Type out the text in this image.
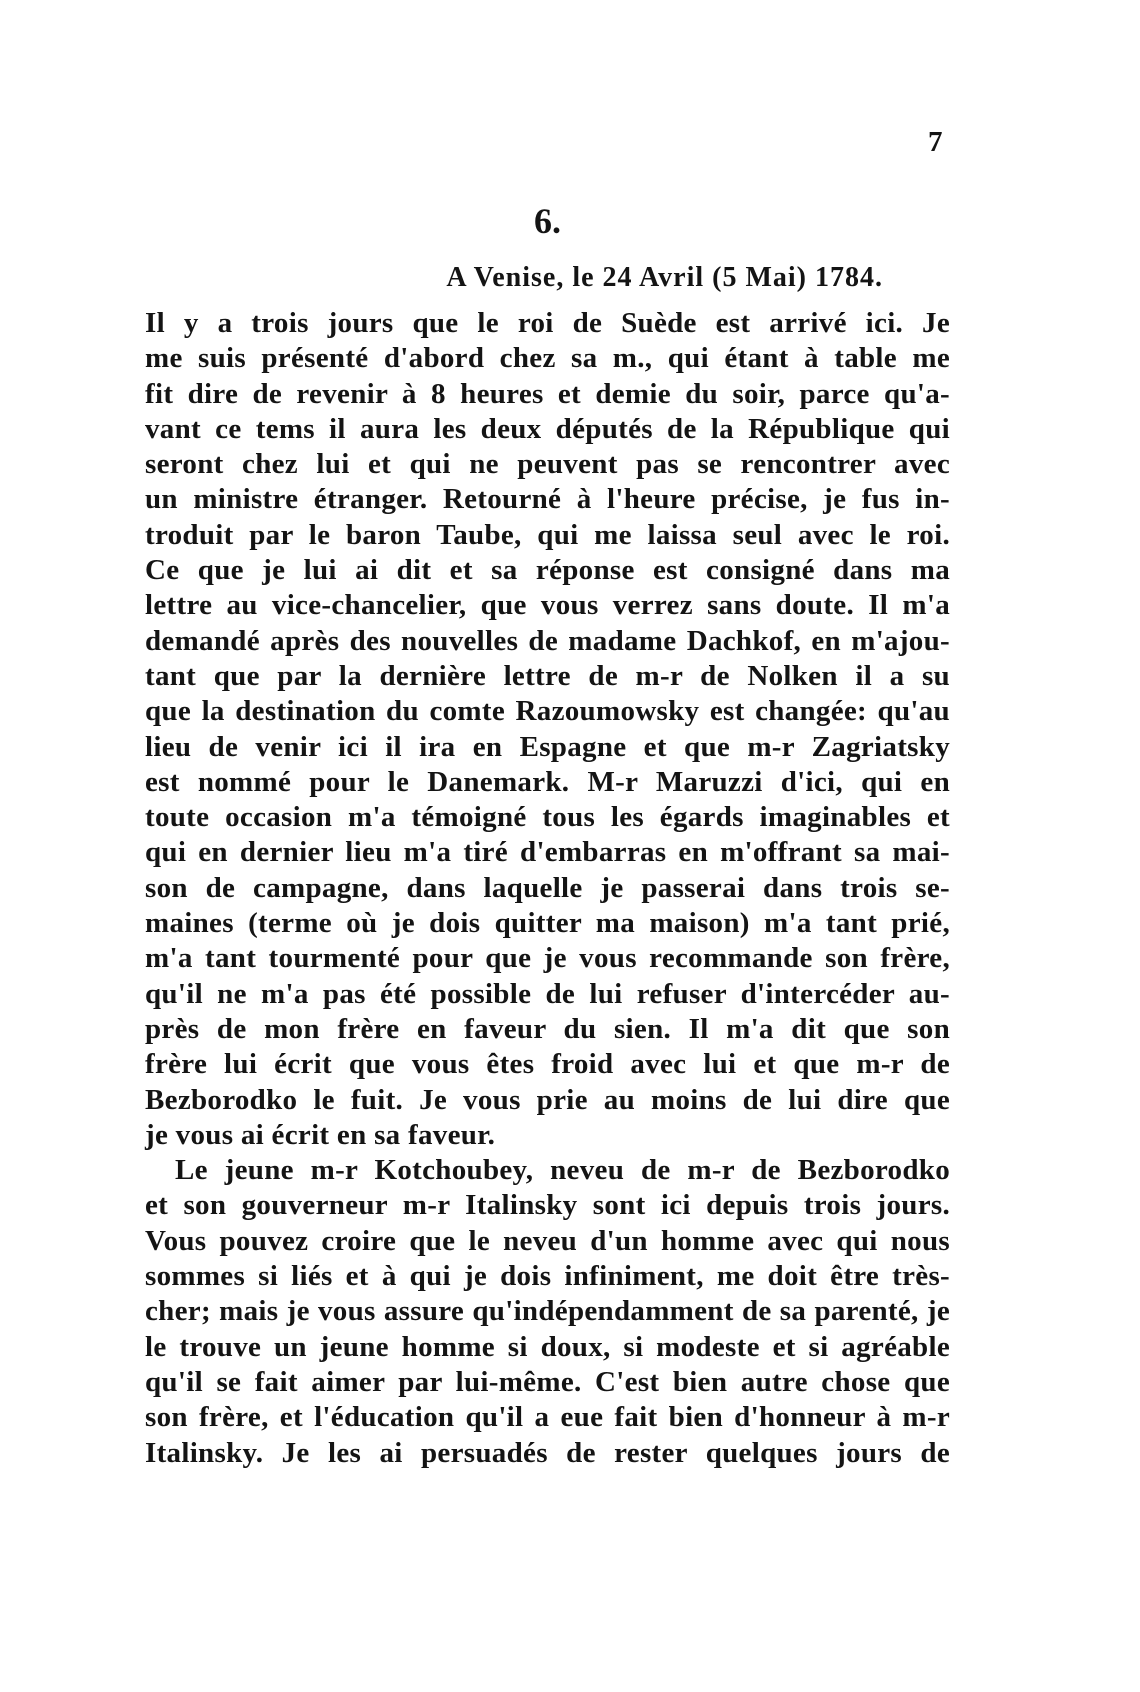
7
6.
A Venise, le 24 Avril (5 Mai) 1784.
Il y a trois jours que le roi de Suède est arrivé ici. Je
me suis présenté d'abord chez sa m., qui étant à table me
fit dire de revenir à 8 heures et demie du soir, parce qu'a-
vant ce tems il aura les deux députés de la République qui
seront chez lui et qui ne peuvent pas se rencontrer avec
un ministre étranger. Retourné à l'heure précise, je fus in-
troduit par le baron Taube, qui me laissa seul avec le roi.
Ce que je lui ai dit et sa réponse est consigné dans ma
lettre au vice-chancelier, que vous verrez sans doute. Il m'a
demandé après des nouvelles de madame Dachkof, en m'ajou-
tant que par la dernière lettre de m-r de Nolken il a su
que la destination du comte Razoumowsky est changée: qu'au
lieu de venir ici il ira en Espagne et que m-r Zagriatsky
est nommé pour le Danemark. M-r Maruzzi d'ici, qui en
toute occasion m'a témoigné tous les égards imaginables et
qui en dernier lieu m'a tiré d'embarras en m'offrant sa mai-
son de campagne, dans laquelle je passerai dans trois se-
maines (terme où je dois quitter ma maison) m'a tant prié,
m'a tant tourmenté pour que je vous recommande son frère,
qu'il ne m'a pas été possible de lui refuser d'intercéder au-
près de mon frère en faveur du sien. Il m'a dit que son
frère lui écrit que vous êtes froid avec lui et que m-r de
Bezborodko le fuit. Je vous prie au moins de lui dire que
je vous ai écrit en sa faveur.
Le jeune m-r Kotchoubey, neveu de m-r de Bezborodko
et son gouverneur m-r Italinsky sont ici depuis trois jours.
Vous pouvez croire que le neveu d'un homme avec qui nous
sommes si liés et à qui je dois infiniment, me doit être très-
cher; mais je vous assure qu'indépendamment de sa parenté, je
le trouve un jeune homme si doux, si modeste et si agréable
qu'il se fait aimer par lui-même. C'est bien autre chose que
son frère, et l'éducation qu'il a eue fait bien d'honneur à m-r
Italinsky. Je les ai persuadés de rester quelques jours de
